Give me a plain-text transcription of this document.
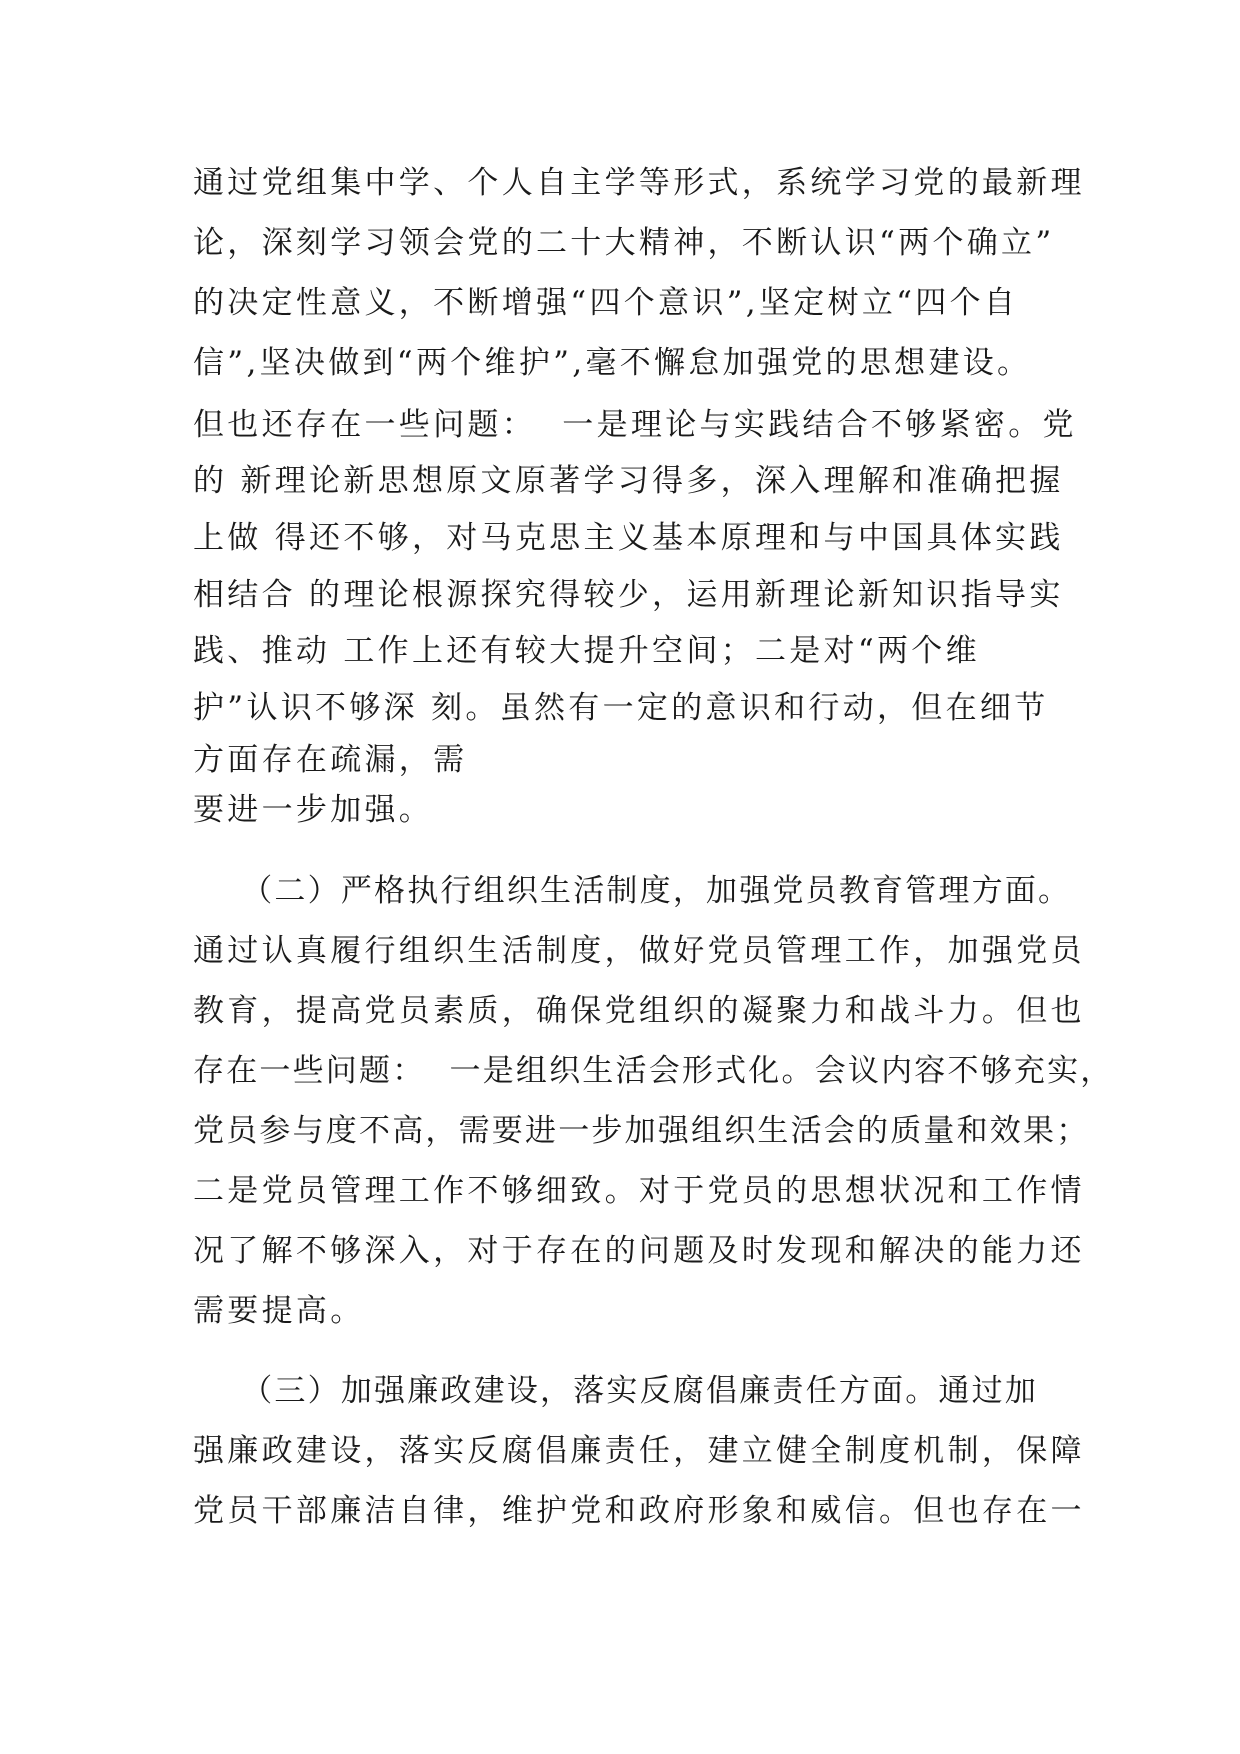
通过党组集中学、个人自主学等形式，系统学习党的最新理
论，深刻学习领会党的二十大精神，不断认识“两个确立”
的决定性意义，不断增强“四个意识”,坚定树立“四个自
信”,坚决做到“两个维护”,毫不懈怠加强党的思想建设。
但也还存在一些问题：  一是理论与实践结合不够紧密。党
的 新理论新思想原文原著学习得多，深入理解和准确把握
上做 得还不够，对马克思主义基本原理和与中国具体实践
相结合 的理论根源探究得较少，运用新理论新知识指导实
践、推动 工作上还有较大提升空间；二是对“两个维
护”认识不够深 刻。虽然有一定的意识和行动，但在细节
方面存在疏漏，需
要进一步加强。
（二）严格执行组织生活制度，加强党员教育管理方面。
通过认真履行组织生活制度，做好党员管理工作，加强党员
教育，提高党员素质，确保党组织的凝聚力和战斗力。但也
存在一些问题：  一是组织生活会形式化。会议内容不够充实，
党员参与度不高，需要进一步加强组织生活会的质量和效果；
二是党员管理工作不够细致。对于党员的思想状况和工作情
况了解不够深入，对于存在的问题及时发现和解决的能力还
需要提高。
（三）加强廉政建设，落实反腐倡廉责任方面。通过加
强廉政建设，落实反腐倡廉责任，建立健全制度机制，保障
党员干部廉洁自律，维护党和政府形象和威信。但也存在一
